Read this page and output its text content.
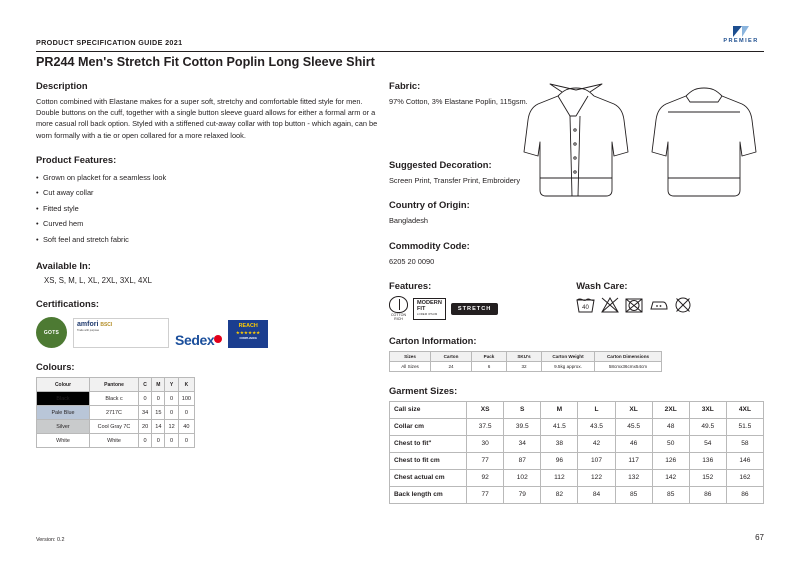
PRODUCT SPECIFICATION GUIDE 2021	PREMIER
PR244 Men's Stretch Fit Cotton Poplin Long Sleeve Shirt
Description

Cotton combined with Elastane makes for a super soft, stretchy and comfortable fitted style for men. Double buttons on the cuff, together with a single button sleeve guard allows for either a formal arm or a more casual roll back option. Styled with a stiffened cut-away collar with top button - which again, can be worn formally with a tie or open collared for a more relaxed look.

Product Features:
• Grown on placket for a seamless look
• Cut away collar
• Fitted style
• Curved hem
• Soft feel and stretch fabric
Available In:

XS, S, M, L, XL, 2XL, 3XL, 4XL

Certifications:
GOTS
amfori BSCI
Trade with purpose
Sedex
REACH
★★★★★★
COMPLIANCE
Colours:
Colour	Pantone	C	M	Y	K
Black	Black c	0	0	0	100
Pale Blue	2717C	34	15	0	0
Silver	Cool Gray 7C	20	14	12	40
White	White	0	0	0	0
Fabric:

97% Cotton, 3% Elastane Poplin, 115gsm.

Suggested Decoration:

Screen Print, Transfer Print, Embroidery

Country of Origin:

Bangladesh

Commodity Code:

6205 20 0090

Features:
COTTON
RICH
MODERN
FIT
LOREM IPSUM
STRETCH
Wash Care:
40
Carton Information:
Sizes	Carton	Pack	SKU's	Carton Weight	Carton Dimensions
All Sizes	24	6	32	9.5kg approx.	58cmx36cmx54cm
Garment Sizes:
Call size	XS	S	M	L	XL	2XL	3XL	4XL
Collar cm	37.5	39.5	41.5	43.5	45.5	48	49.5	51.5
Chest to fit"	30	34	38	42	46	50	54	58
Chest to fit cm	77	87	96	107	117	126	136	146
Chest actual cm	92	102	112	122	132	142	152	162
Back length cm	77	79	82	84	85	85	86	86
Version: 0.2	67
